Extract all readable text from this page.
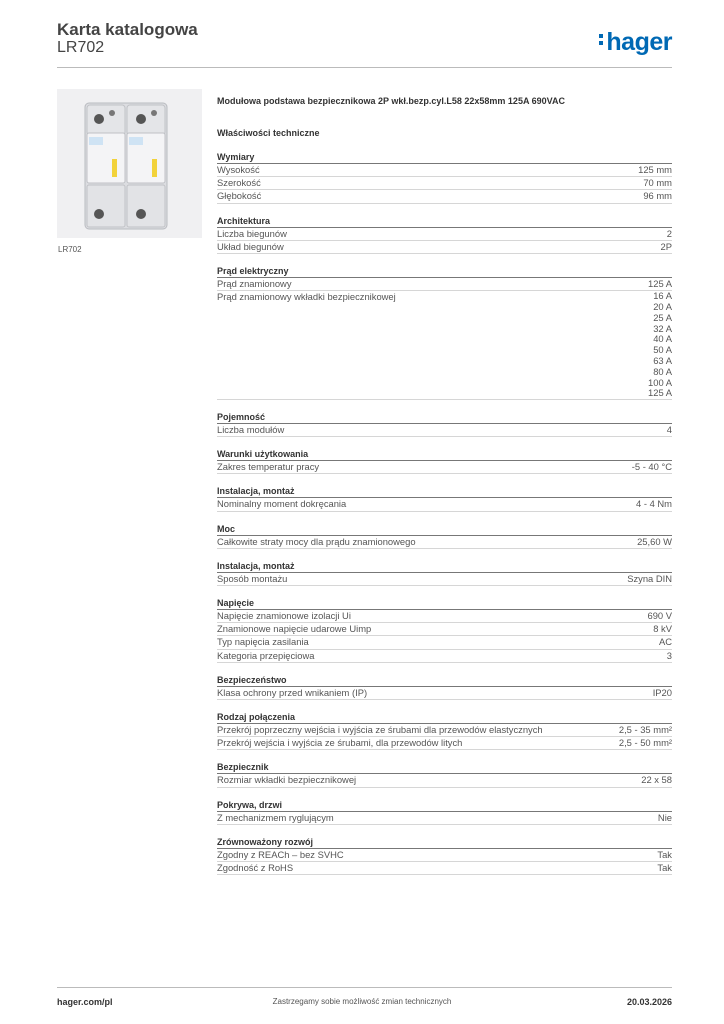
Karta katalogowa
LR702	hager
LR702
Modułowa podstawa bezpiecznikowa 2P wkł.bezp.cyl.L58 22x58mm 125A 690VAC
Właściwości techniczne
Wymiary
Wysokość	125 mm
Szerokość	70 mm
Głębokość	96 mm
Architektura
Liczba biegunów	2
Układ biegunów	2P
Prąd elektryczny
Prąd znamionowy	125 A
Prąd znamionowy wkładki bezpiecznikowej	16 A
20 A
25 A
32 A
40 A
50 A
63 A
80 A
100 A
125 A
Pojemność
Liczba modułów	4
Warunki użytkowania
Zakres temperatur pracy	-5 - 40 °C
Instalacja, montaż
Nominalny moment dokręcania	4 - 4 Nm
Moc
Całkowite straty mocy dla prądu znamionowego	25,60 W
Instalacja, montaż
Sposób montażu	Szyna DIN
Napięcie
Napięcie znamionowe izolacji Ui	690 V
Znamionowe napięcie udarowe Uimp	8 kV
Typ napięcia zasilania	AC
Kategoria przepięciowa	3
Bezpieczeństwo
Klasa ochrony przed wnikaniem (IP)	IP20
Rodzaj połączenia
Przekrój poprzeczny wejścia i wyjścia ze śrubami dla przewodów elastycznych	2,5 - 35 mm²
Przekrój wejścia i wyjścia ze śrubami, dla przewodów litych	2,5 - 50 mm²
Bezpiecznik
Rozmiar wkładki bezpiecznikowej	22 x 58
Pokrywa, drzwi
Z mechanizmem ryglującym	Nie
Zrównoważony rozwój
Zgodny z REACh – bez SVHC	Tak
Zgodność z RoHS	Tak
hager.com/pl	Zastrzegamy sobie możliwość zmian technicznych	20.03.2026
